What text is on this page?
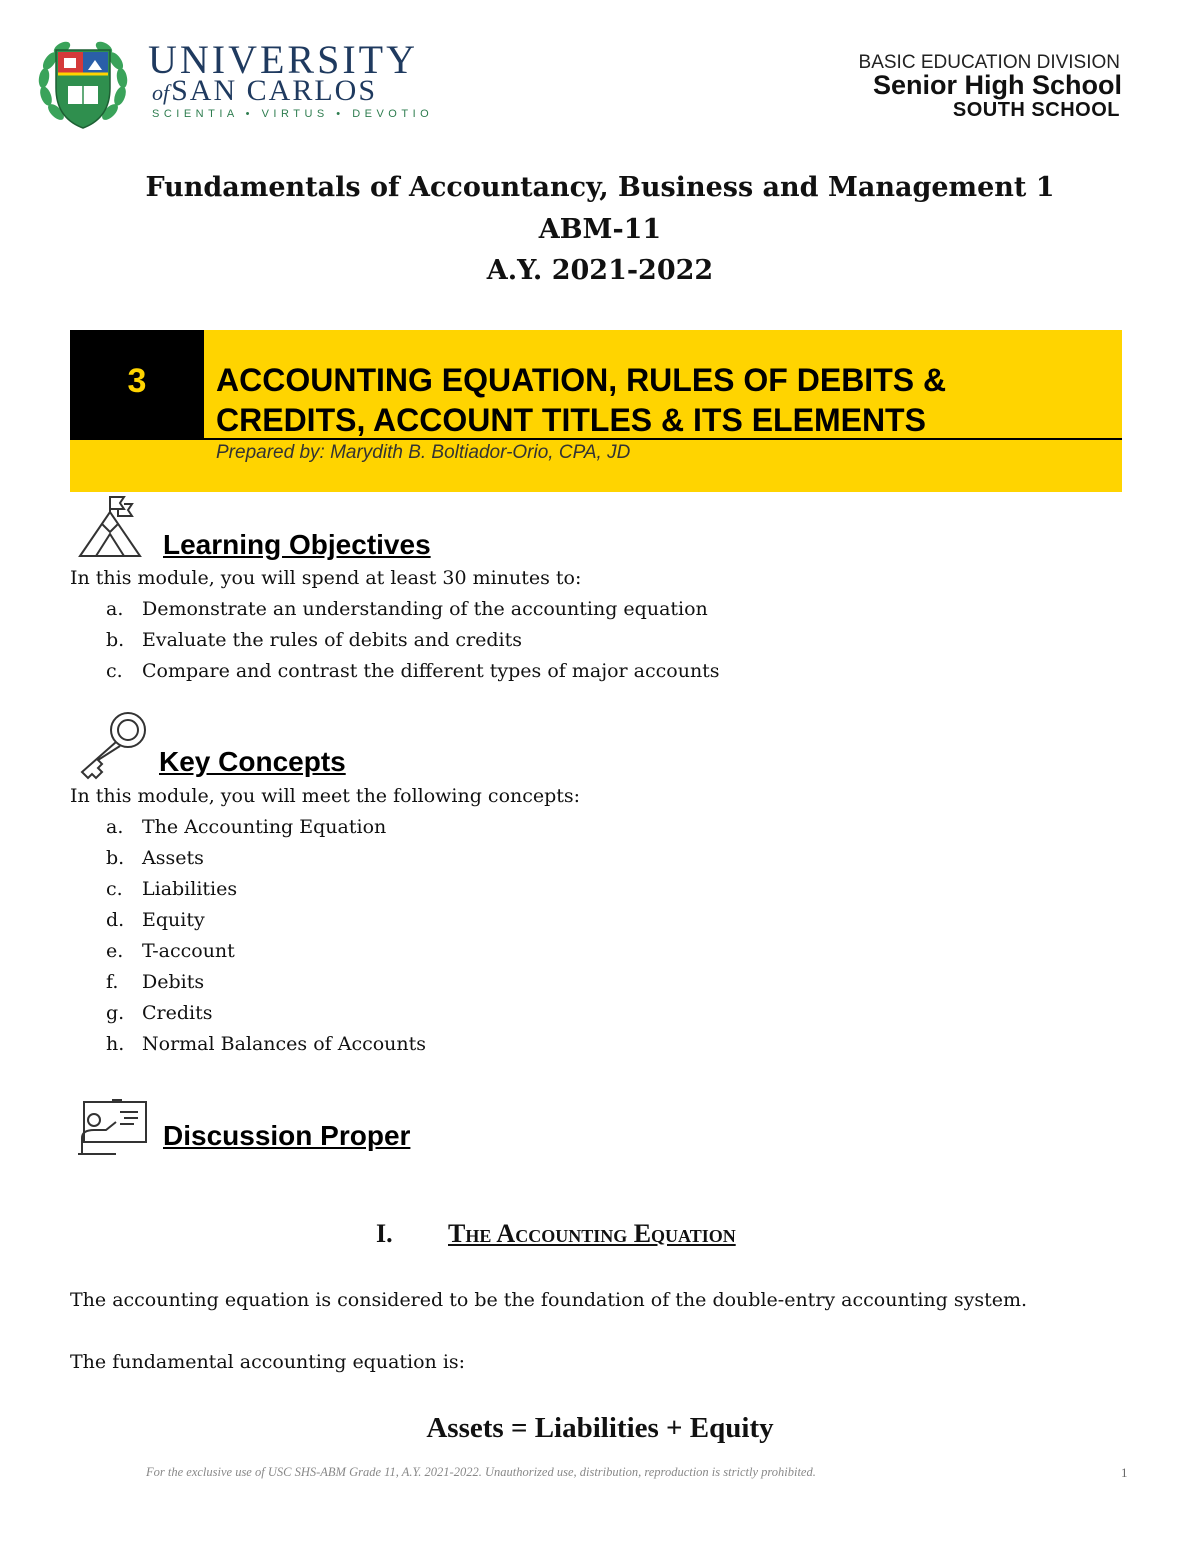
UNIVERSITY
ofSAN CARLOS
SCIENTIA • VIRTUS • DEVOTIO
BASIC EDUCATION DIVISION
Senior High School
SOUTH SCHOOL
Fundamentals of Accountancy, Business and Management 1
ABM-11
A.Y. 2021-2022
3	ACCOUNTING EQUATION, RULES OF DEBITS &
CREDITS, ACCOUNT TITLES & ITS ELEMENTS
Prepared by: Marydith B. Boltiador-Orio, CPA, JD
Learning Objectives
In this module, you will spend at least 30 minutes to:
a. Demonstrate an understanding of the accounting equation
b. Evaluate the rules of debits and credits
c. Compare and contrast the different types of major accounts
Key Concepts
In this module, you will meet the following concepts:
a. The Accounting Equation
b. Assets
c. Liabilities
d. Equity
e. T-account
f. Debits
g. Credits
h. Normal Balances of Accounts
Discussion Proper
I. The Accounting Equation
The accounting equation is considered to be the foundation of the double-entry accounting system.
The fundamental accounting equation is:
Assets = Liabilities + Equity
For the exclusive use of USC SHS-ABM Grade 11, A.Y. 2021-2022. Unauthorized use, distribution, reproduction is strictly prohibited.	1
